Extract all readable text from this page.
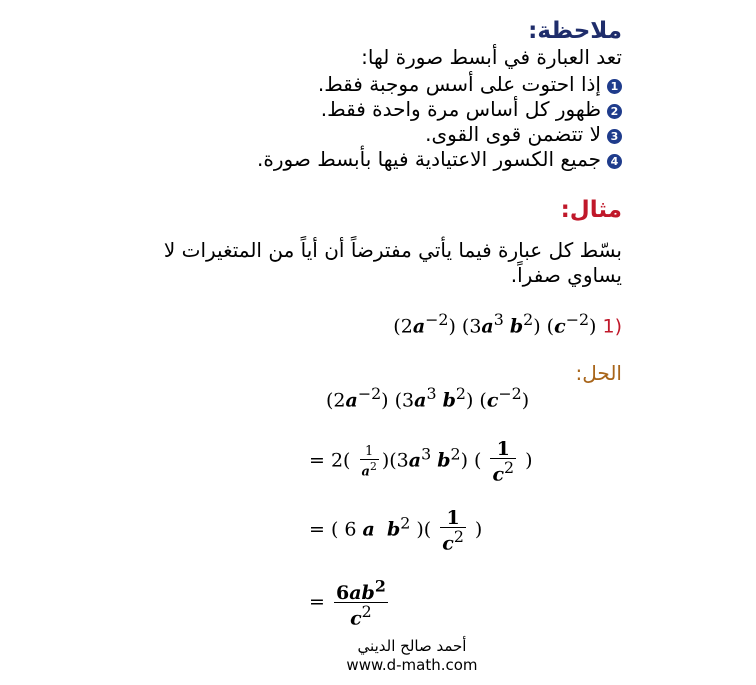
ملاحظة:
تعد العبارة في أبسط صورة لها:
1إذا احتوت على أسس موجبة فقط.
2ظهور كل أساس مرة واحدة فقط.
3لا تتضمن قوى القوى.
4جميع الكسور الاعتيادية فيها بأبسط صورة.
مثال:
بسّط كل عبارة فيما يأتي مفترضاً أن أياً من المتغيرات لا
يساوي صفراً.
$(2a^{-2})$ ($3a^3$ $b^2$) $(c^{-2})$ 1)
الحل:
$(2a^{-2})$ ($3a^3$ $b^2$) $(c^{-2})$
= $2( \frac{1}{a^2} )(3a^3$ $b^2$) ( $\frac{1}{c^2}$ )
= ( 6 a $b^2$ )( $\frac{1}{c^2}$ )
= $\frac{6ab^2}{c^2}$
أحمد صالح الديني
www.d-math.com
